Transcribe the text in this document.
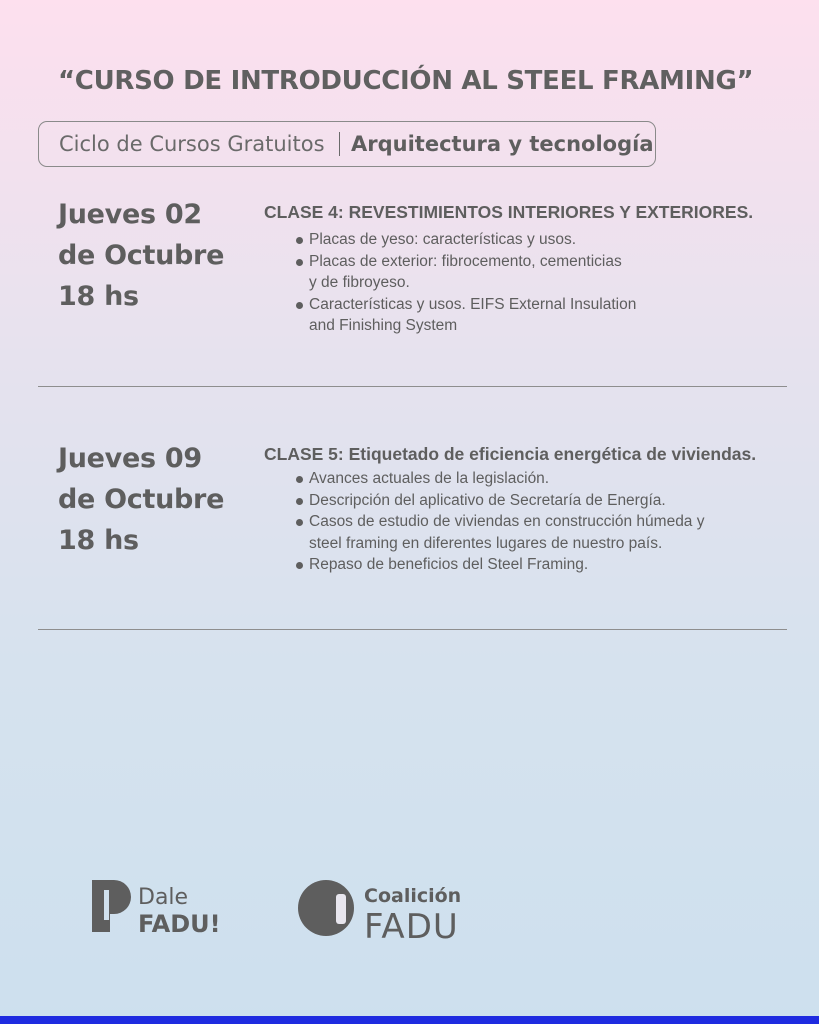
“CURSO DE INTRODUCCIÓN AL STEEL FRAMING”
Ciclo de Cursos Gratuitos Arquitectura y tecnología
Jueves 02
de Octubre
18 hs
CLASE 4: REVESTIMIENTOS INTERIORES Y EXTERIORES.
Placas de yeso: características y usos.
Placas de exterior: fibrocemento, cementicias
y de fibroyeso.
Características y usos. EIFS External Insulation
and Finishing System
Jueves 09
de Octubre
18 hs
CLASE 5: Etiquetado de eficiencia energética de viviendas.
Avances actuales de la legislación.
Descripción del aplicativo de Secretaría de Energía.
Casos de estudio de viviendas en construcción húmeda y
steel framing en diferentes lugares de nuestro país.
Repaso de beneficios del Steel Framing.
Dale
FADU!
Coalición
FADU
